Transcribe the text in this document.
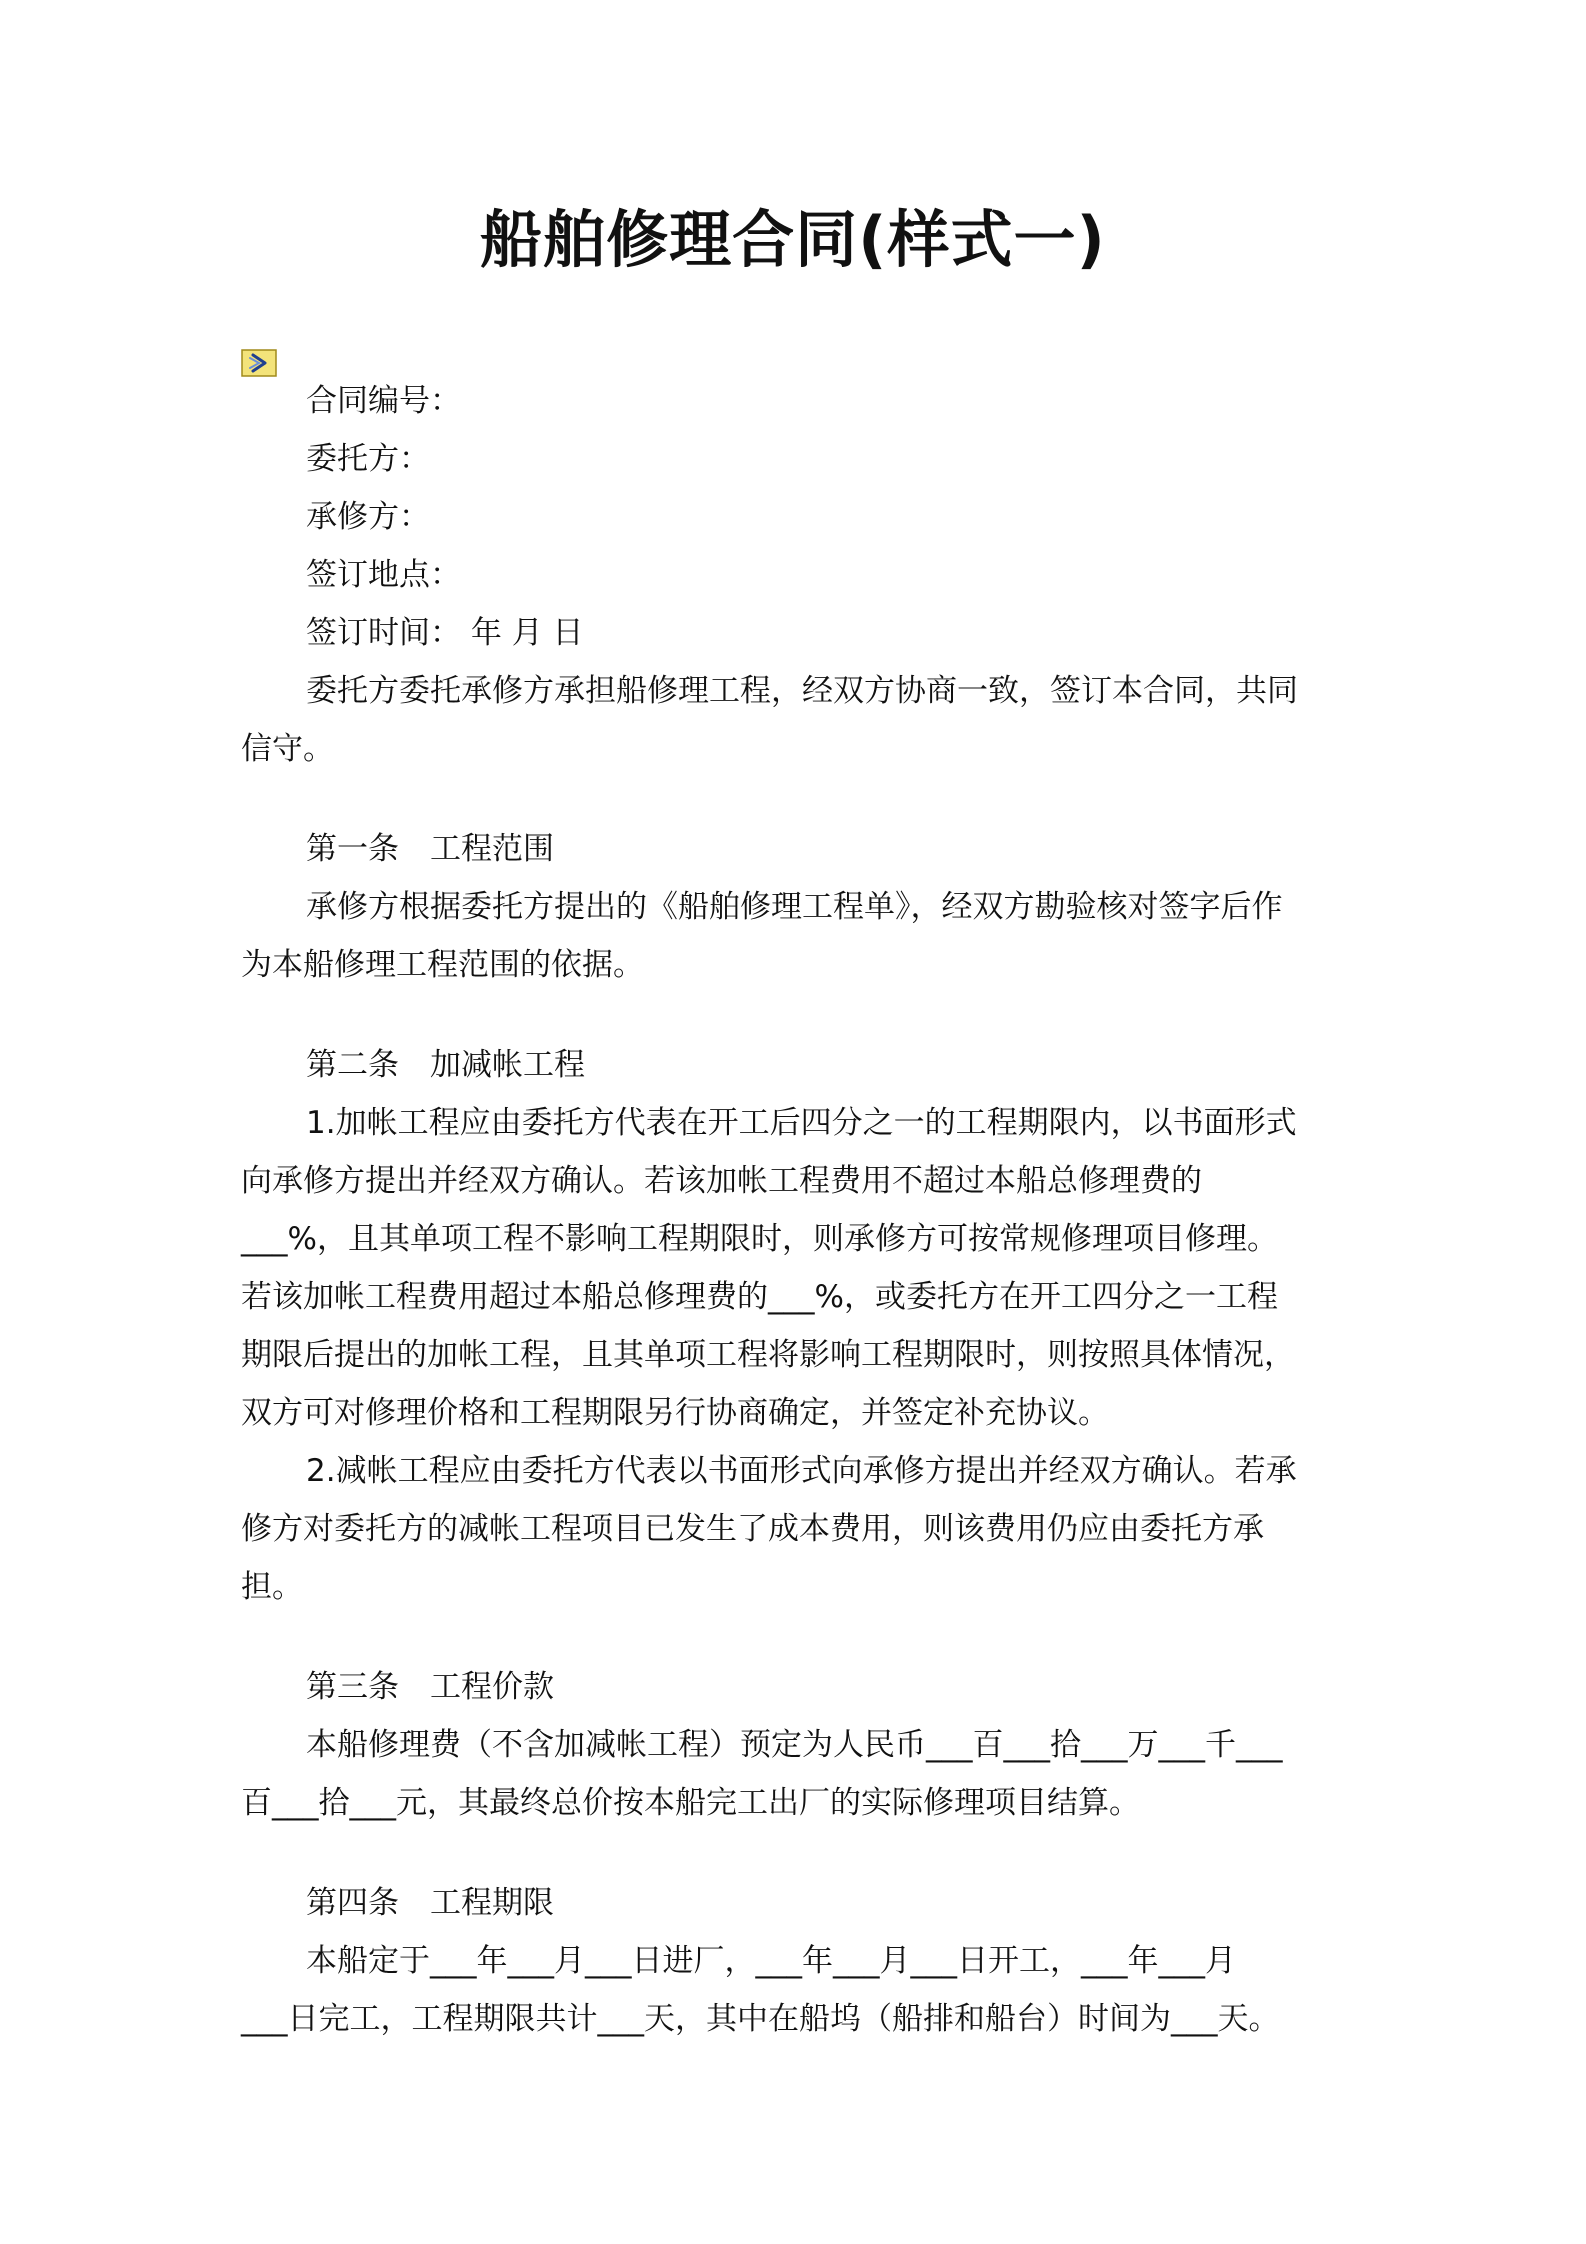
船舶修理合同(样式一)
合同编号：
委托方：
承修方：
签订地点：
签订时间： 年 月 日
委托方委托承修方承担船修理工程，经双方协商一致，签订本合同，共同
信守。
第一条 工程范围
承修方根据委托方提出的《船舶修理工程单》，经双方勘验核对签字后作
为本船修理工程范围的依据。
第二条 加减帐工程
1.加帐工程应由委托方代表在开工后四分之一的工程期限内，以书面形式
向承修方提出并经双方确认。若该加帐工程费用不超过本船总修理费的
___%，且其单项工程不影响工程期限时，则承修方可按常规修理项目修理。
若该加帐工程费用超过本船总修理费的___%，或委托方在开工四分之一工程
期限后提出的加帐工程，且其单项工程将影响工程期限时，则按照具体情况，
双方可对修理价格和工程期限另行协商确定，并签定补充协议。
2.减帐工程应由委托方代表以书面形式向承修方提出并经双方确认。若承
修方对委托方的减帐工程项目已发生了成本费用，则该费用仍应由委托方承
担。
第三条 工程价款
本船修理费（不含加减帐工程）预定为人民币___百___拾___万___千___
百___拾___元，其最终总价按本船完工出厂的实际修理项目结算。
第四条 工程期限
本船定于___年___月___日进厂，___年___月___日开工，___年___月
___日完工，工程期限共计___天，其中在船坞（船排和船台）时间为___天。
